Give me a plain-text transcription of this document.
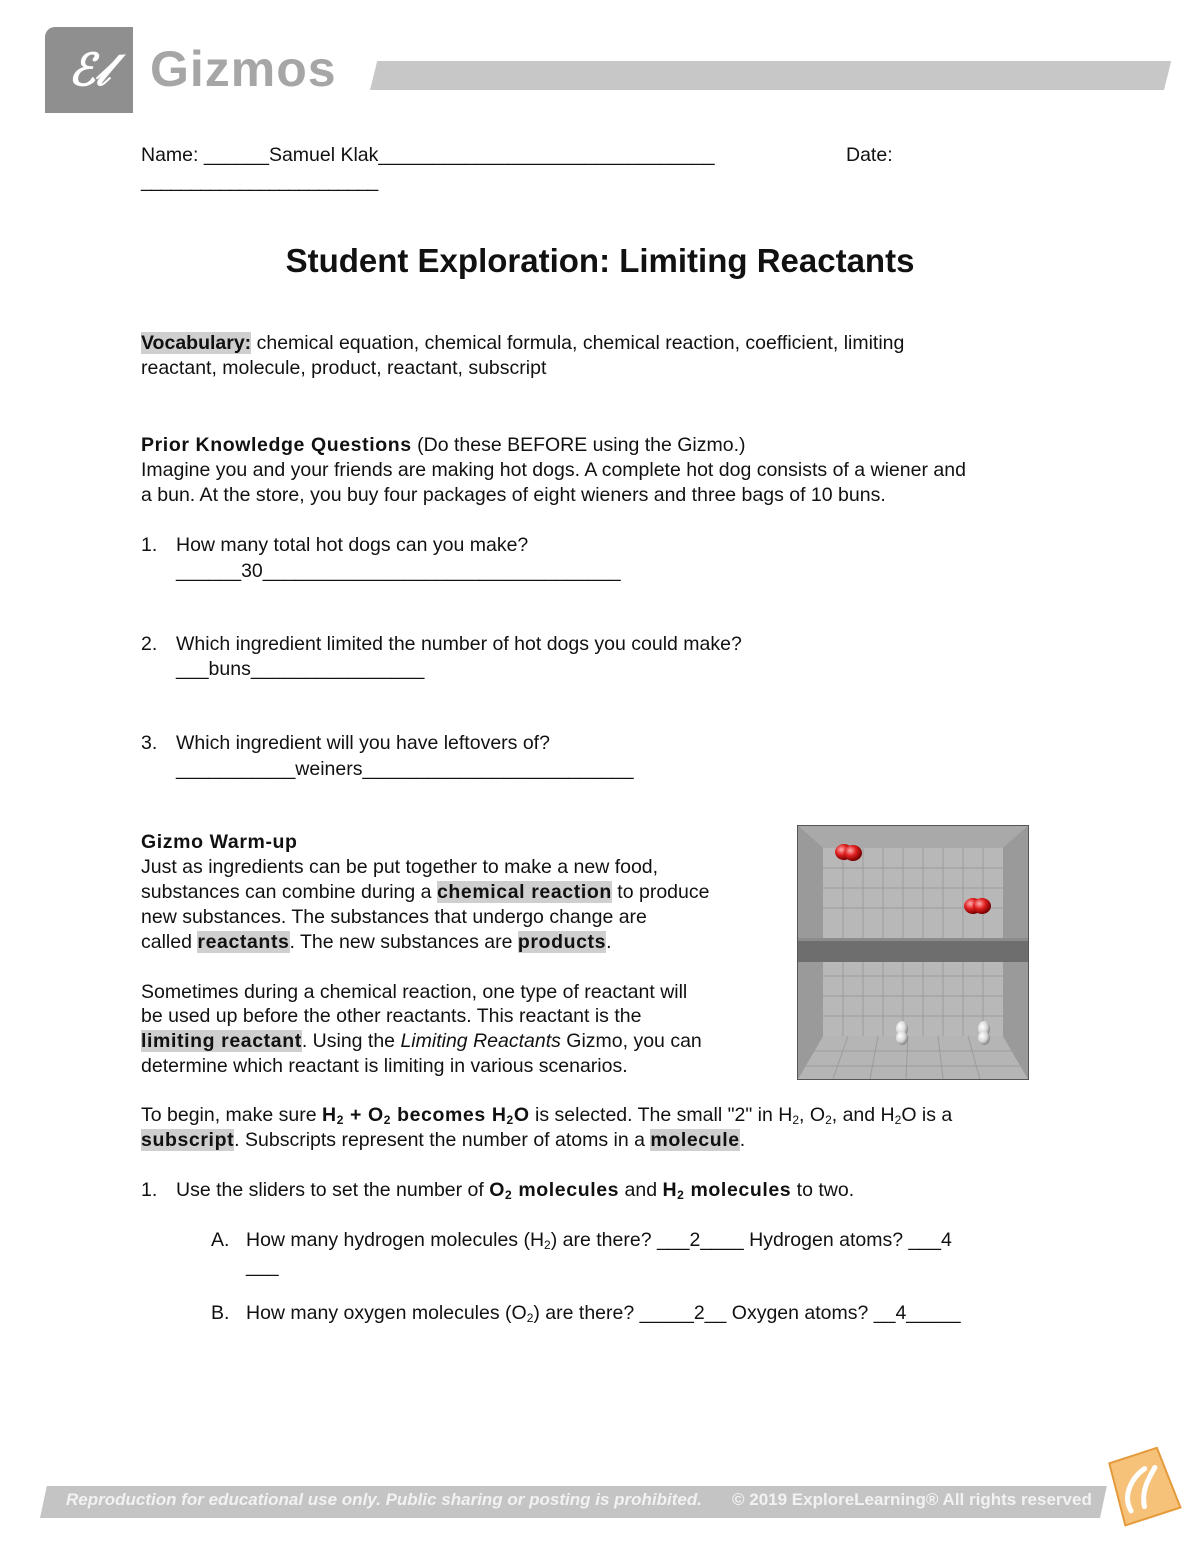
ℰ𝓁 Gizmos
Name: ______Samuel Klak_______________________________	Date:
________________________
Student Exploration: Limiting Reactants
Vocabulary: chemical equation, chemical formula, chemical reaction, coefficient, limiting
reactant, molecule, product, reactant, subscript
Prior Knowledge Questions (Do these BEFORE using the Gizmo.)
Imagine you and your friends are making hot dogs. A complete hot dog consists of a wiener and
a bun. At the store, you buy four packages of eight wieners and three bags of 10 buns.
1. How many total hot dogs can you make?
______30_________________________________
2. Which ingredient limited the number of hot dogs you could make?
___buns________________
3. Which ingredient will you have leftovers of?
___________weiners_________________________
Gizmo Warm-up
Just as ingredients can be put together to make a new food,
substances can combine during a chemical reaction to produce
new substances. The substances that undergo change are
called reactants. The new substances are products.
Sometimes during a chemical reaction, one type of reactant will
be used up before the other reactants. This reactant is the
limiting reactant. Using the Limiting Reactants Gizmo, you can
determine which reactant is limiting in various scenarios.
To begin, make sure $H_2 + O_2$ becomes $H_2O$ is selected. The small "2" in $H_2$, $O_2$, and $H_2O$ is a
subscript. Subscripts represent the number of atoms in a molecule.
1. Use the sliders to set the number of $O_2$ molecules and $H_2$ molecules to two.
A. How many hydrogen molecules $(H_2)$ are there? ___2____ Hydrogen atoms? ___4
___
B. How many oxygen molecules $(O_2)$ are there? _____2__ Oxygen atoms? __4_____
Reproduction for educational use only. Public sharing or posting is prohibited. © 2019 ExploreLearning® All rights reserved
